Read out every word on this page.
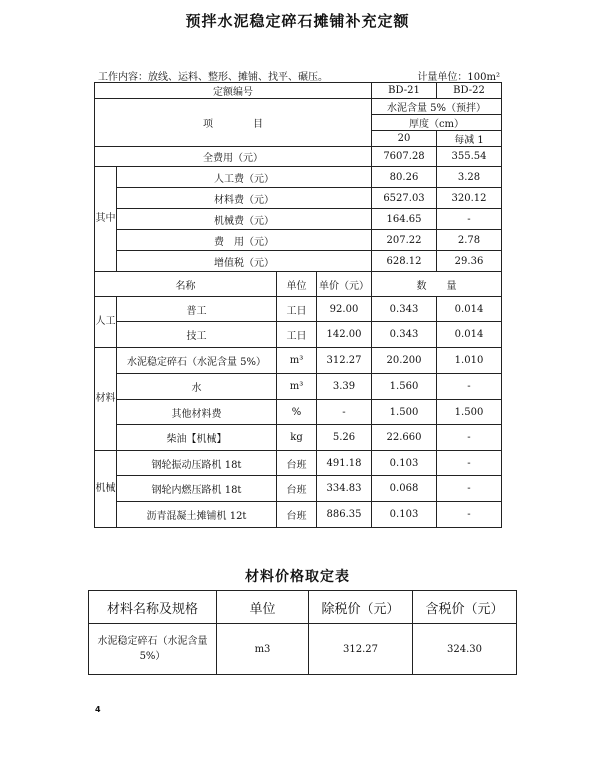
预拌水泥稳定碎石摊铺补充定额
工作内容：放线、运料、整形、摊铺、找平、碾压。	计量单位：100m²
定额编号				BD-21	BD-22
项　　　　目				水泥含量 5%（预拌）	
				厚度（cm）	
				20	每减 1
全费用（元）				7607.28	355.54
其中	人工费（元）			80.26	3.28
	材料费（元）			6527.03	320.12
	机械费（元）			164.65	-
	费　用（元）			207.22	2.78
	增值税（元）			628.12	29.36
名称		单位	单价（元）	数　　量	
人工	普工	工日	92.00	0.343	0.014
	技工	工日	142.00	0.343	0.014
材料	水泥稳定碎石（水泥含量 5%）	m³	312.27	20.200	1.010
	水	m³	3.39	1.560	-
	其他材料费	%	-	1.500	1.500
	柴油【机械】	kg	5.26	22.660	-
机械	钢轮振动压路机 18t	台班	491.18	0.103	-
	钢轮内燃压路机 18t	台班	334.83	0.068	-
	沥青混凝土摊铺机 12t	台班	886.35	0.103	-
材料价格取定表
材料名称及规格	单位	除税价（元）	含税价（元）
水泥稳定碎石（水泥含量 5%）	m3	312.27	324.30
4
